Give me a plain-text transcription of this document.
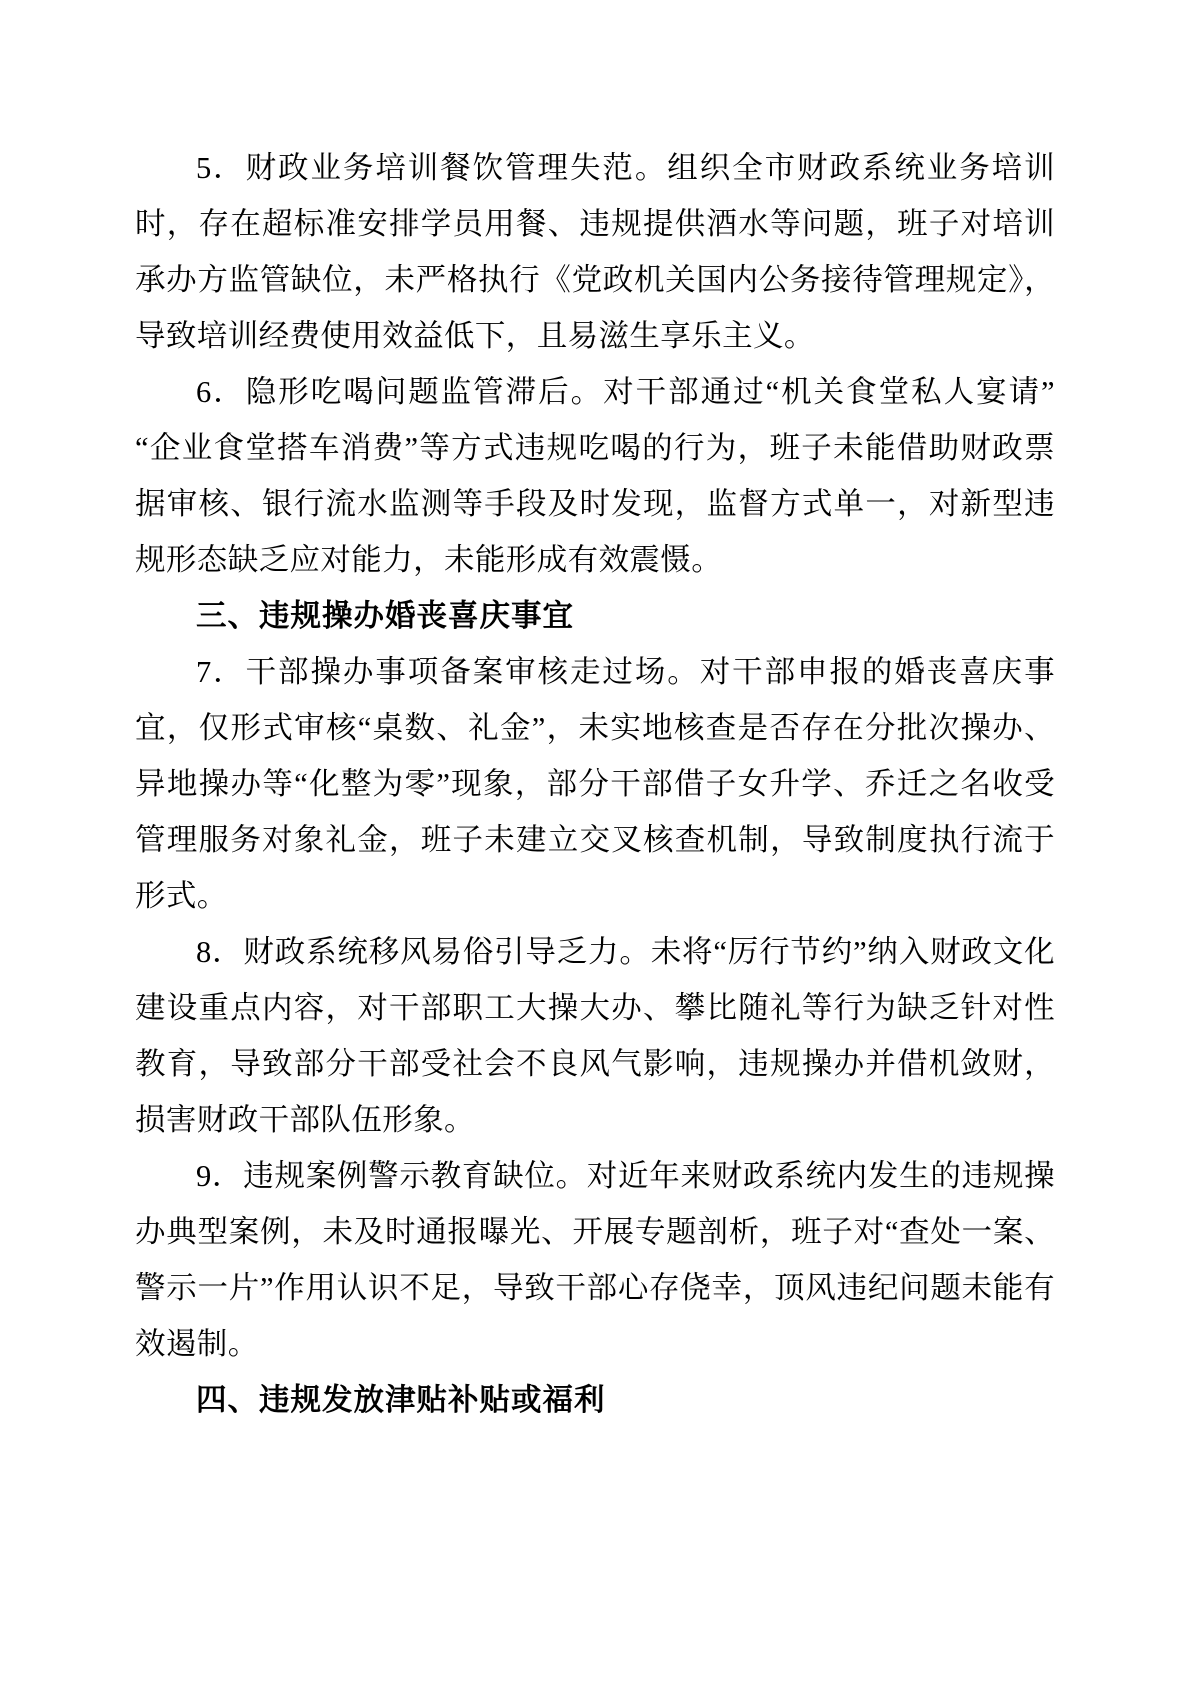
5．财政业务培训餐饮管理失范。组织全市财政系统业务培训时，存在超标准安排学员用餐、违规提供酒水等问题，班子对培训承办方监管缺位，未严格执行《党政机关国内公务接待管理规定》，导致培训经费使用效益低下，且易滋生享乐主义。

6．隐形吃喝问题监管滞后。对干部通过“机关食堂私人宴请”“企业食堂搭车消费”等方式违规吃喝的行为，班子未能借助财政票据审核、银行流水监测等手段及时发现，监督方式单一，对新型违规形态缺乏应对能力，未能形成有效震慑。

三、违规操办婚丧喜庆事宜

7．干部操办事项备案审核走过场。对干部申报的婚丧喜庆事宜，仅形式审核“桌数、礼金”，未实地核查是否存在分批次操办、异地操办等“化整为零”现象，部分干部借子女升学、乔迁之名收受管理服务对象礼金，班子未建立交叉核查机制，导致制度执行流于形式。

8．财政系统移风易俗引导乏力。未将“厉行节约”纳入财政文化建设重点内容，对干部职工大操大办、攀比随礼等行为缺乏针对性教育，导致部分干部受社会不良风气影响，违规操办并借机敛财，损害财政干部队伍形象。

9．违规案例警示教育缺位。对近年来财政系统内发生的违规操办典型案例，未及时通报曝光、开展专题剖析，班子对“查处一案、警示一片”作用认识不足，导致干部心存侥幸，顶风违纪问题未能有效遏制。

四、违规发放津贴补贴或福利
